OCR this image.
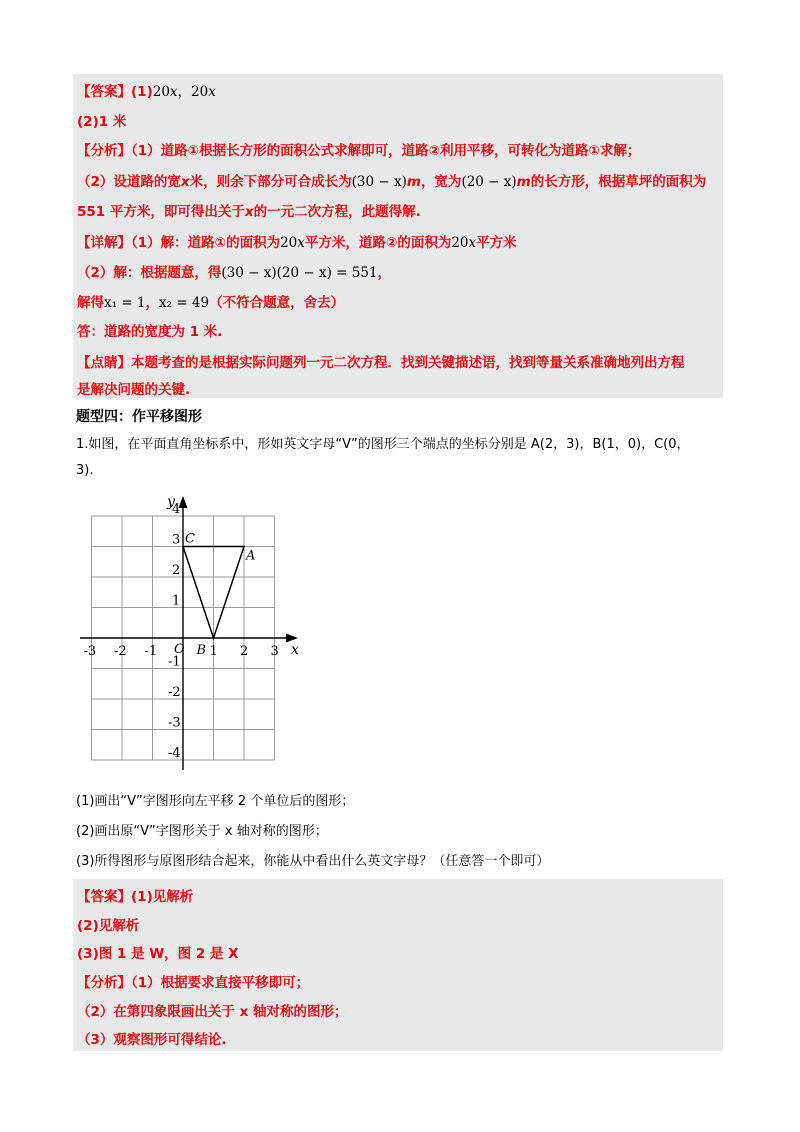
【答案】(1)20x，20x
(2)1 米
【分析】（1）道路①根据长方形的面积公式求解即可，道路②利用平移，可转化为道路①求解；
（2）设道路的宽x米，则余下部分可合成长为(30 − x)m，宽为(20 − x)m的长方形，根据草坪的面积为
551 平方米，即可得出关于x的一元二次方程，此题得解.
【详解】（1）解：道路①的面积为20x平方米，道路②的面积为20x平方米
（2）解：根据题意，得(30 − x)(20 − x) = 551，
解得x₁ = 1，x₂ = 49（不符合题意，舍去）
答：道路的宽度为 1 米.
【点睛】本题考查的是根据实际问题列一元二次方程．找到关键描述语，找到等量关系准确地列出方程
是解决问题的关键.
题型四：作平移图形
1.如图，在平面直角坐标系中，形如英文字母“V”的图形三个端点的坐标分别是 A(2，3)，B(1，0)，C(0，
3).
-3 -2 -1	1 2 3
4
3
2
1
-1
-2
-3
-4
O	x
y
A
B
C
(1)画出“V”字图形向左平移 2 个单位后的图形；
(2)画出原“V”字图形关于 x 轴对称的图形；
(3)所得图形与原图形结合起来，你能从中看出什么英文字母？（任意答一个即可）
【答案】(1)见解析
(2)见解析
(3)图 1 是 W，图 2 是 X
【分析】（1）根据要求直接平移即可；
（2）在第四象限画出关于 x 轴对称的图形；
（3）观察图形可得结论.
